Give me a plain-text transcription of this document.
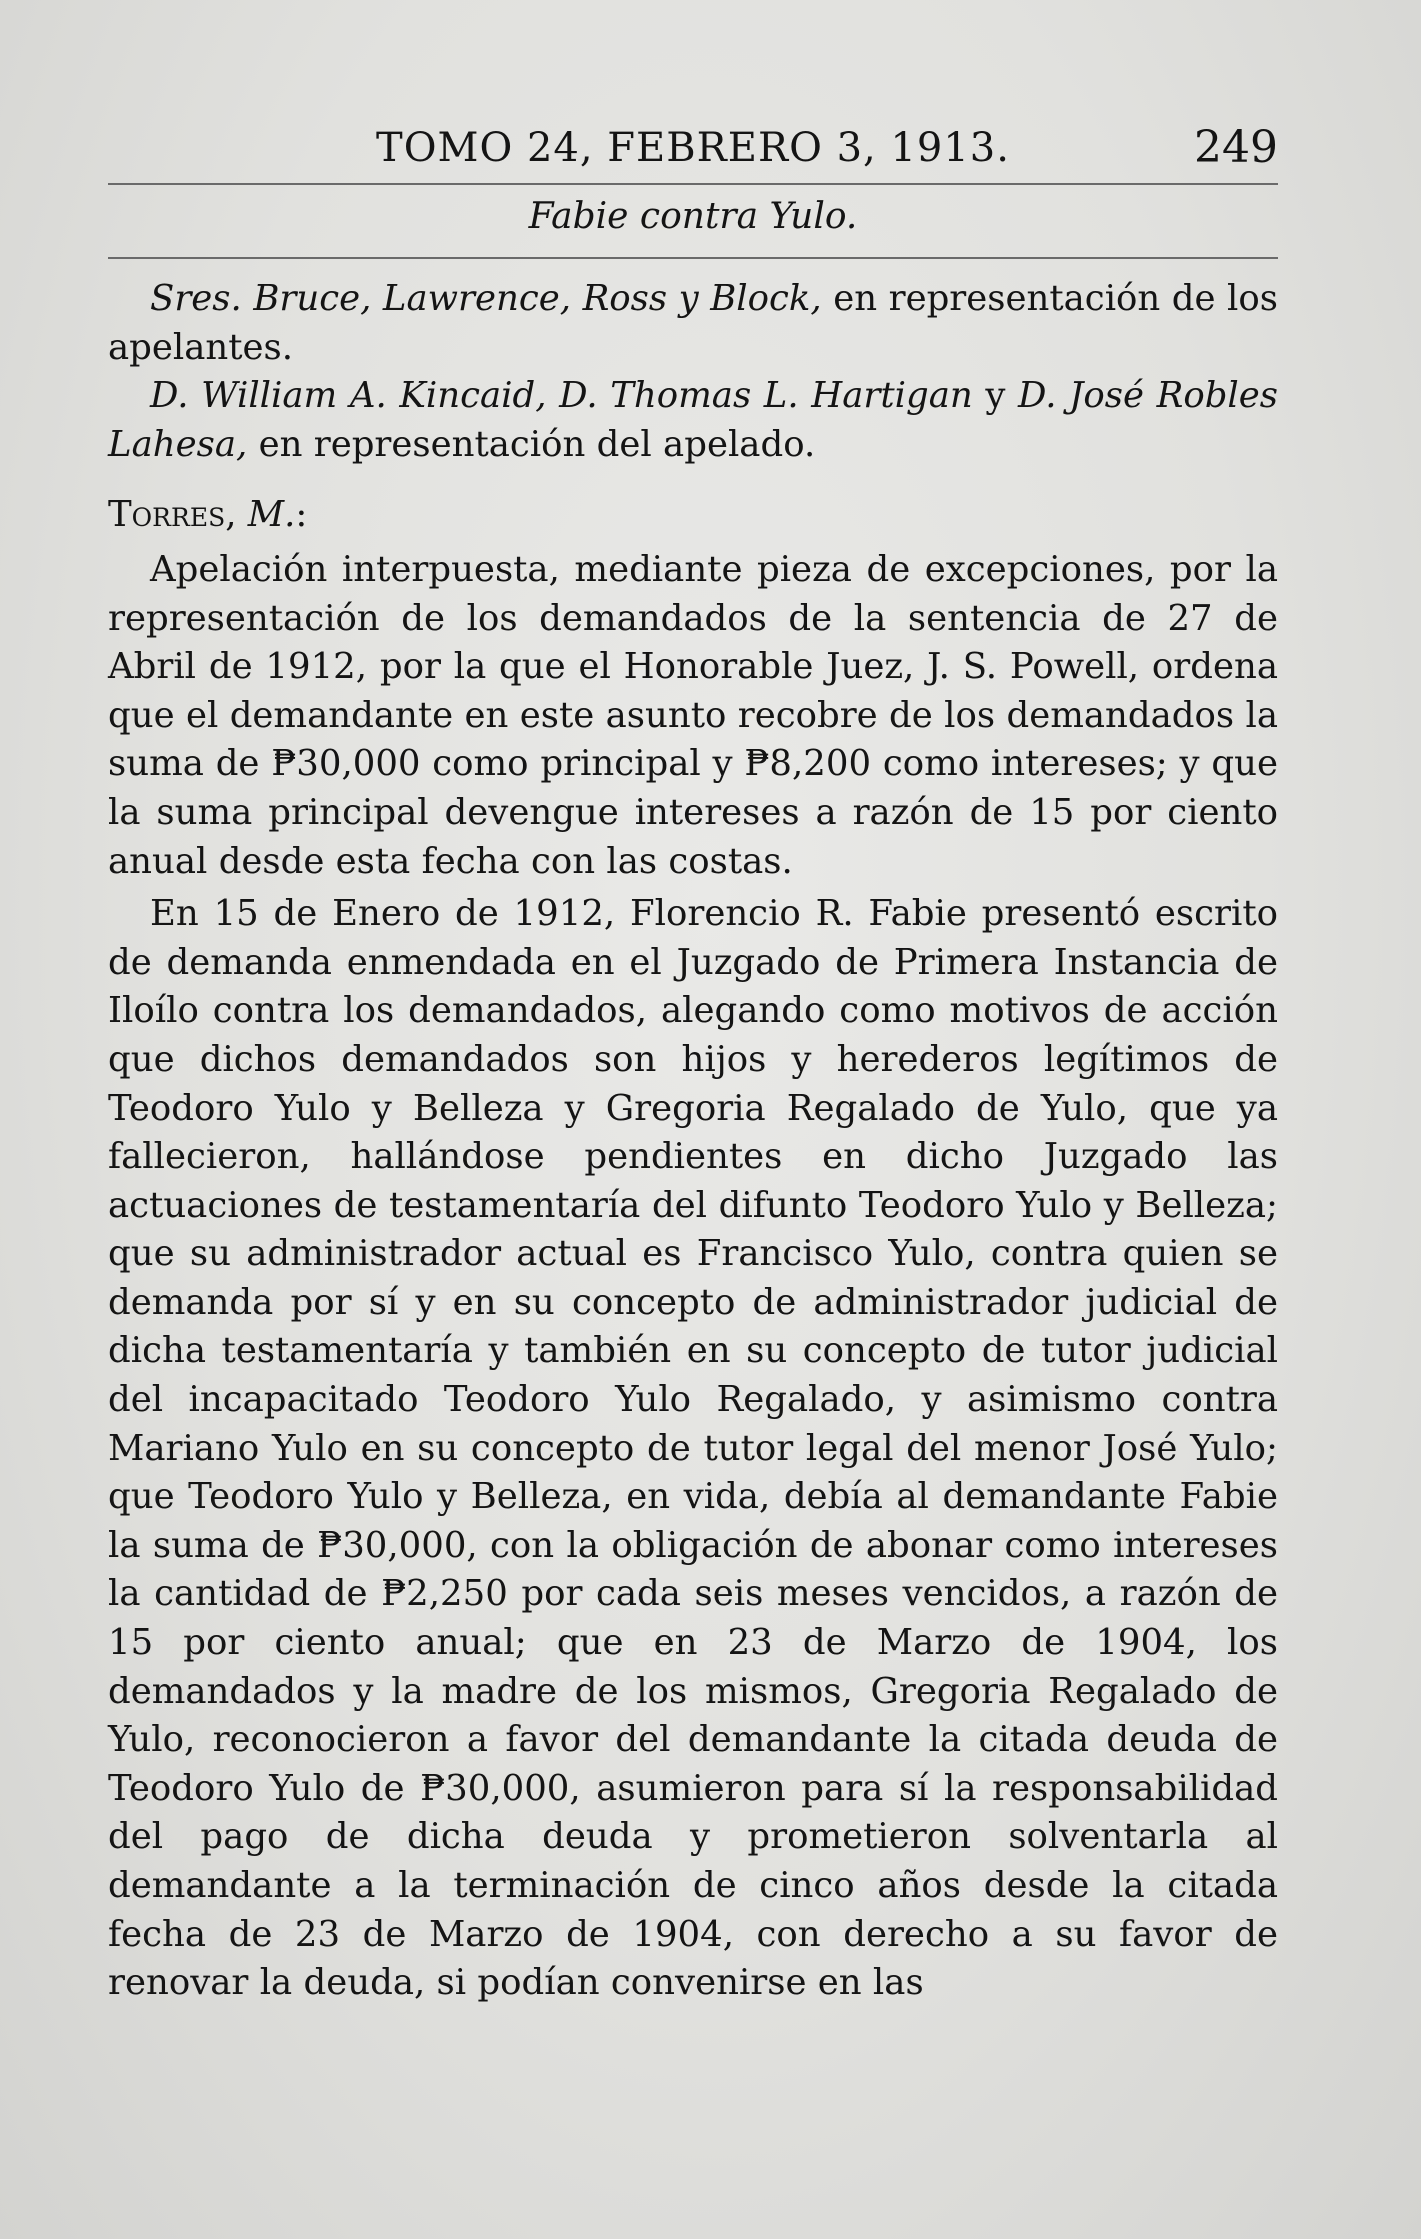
TOMO 24, FEBRERO 3, 1913.	249
Fabie contra Yulo.

Sres. Bruce, Lawrence, Ross y Block, en representación de los apelantes.

D. William A. Kincaid, D. Thomas L. Hartigan y D. José Robles Lahesa, en representación del apelado.

Torres, M.:

Apelación interpuesta, mediante pieza de excepciones, por la representación de los demandados de la sentencia de 27 de Abril de 1912, por la que el Honorable Juez, J. S. Powell, ordena que el demandante en este asunto recobre de los demandados la suma de ₱30,000 como principal y ₱8,200 como intereses; y que la suma principal devengue intereses a razón de 15 por ciento anual desde esta fecha con las costas.

En 15 de Enero de 1912, Florencio R. Fabie presentó escrito de demanda enmendada en el Juzgado de Primera Instancia de Iloílo contra los demandados, alegando como motivos de acción que dichos demandados son hijos y herederos legítimos de Teodoro Yulo y Belleza y Gregoria Regalado de Yulo, que ya fallecieron, hallándose pendientes en dicho Juzgado las actuaciones de testamentaría del difunto Teodoro Yulo y Belleza; que su administrador actual es Francisco Yulo, contra quien se demanda por sí y en su concepto de administrador judicial de dicha testamentaría y también en su concepto de tutor judicial del incapacitado Teodoro Yulo Regalado, y asimismo contra Mariano Yulo en su concepto de tutor legal del menor José Yulo; que Teodoro Yulo y Belleza, en vida, debía al demandante Fabie la suma de ₱30,000, con la obligación de abonar como intereses la cantidad de ₱2,250 por cada seis meses vencidos, a razón de 15 por ciento anual; que en 23 de Marzo de 1904, los demandados y la madre de los mismos, Gregoria Regalado de Yulo, reconocieron a favor del demandante la citada deuda de Teodoro Yulo de ₱30,000, asumieron para sí la responsabilidad del pago de dicha deuda y prometieron solventarla al demandante a la terminación de cinco años desde la citada fecha de 23 de Marzo de 1904, con derecho a su favor de renovar la deuda, si podían convenirse en las
